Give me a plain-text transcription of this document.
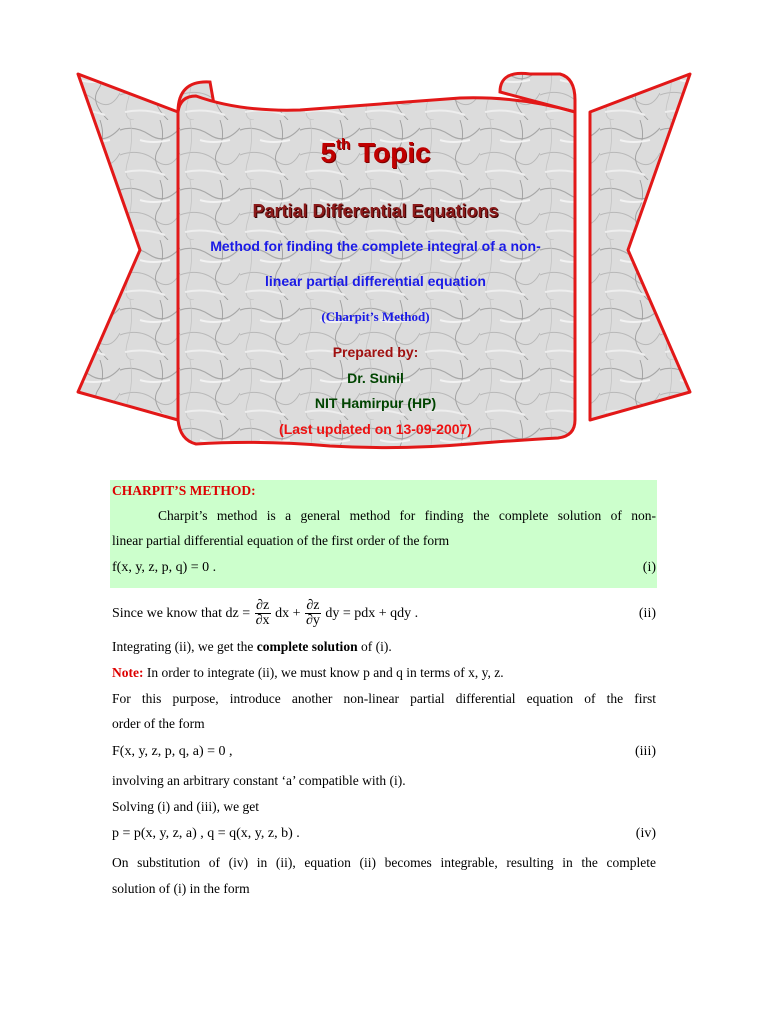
5th Topic
Partial Differential Equations
Method for finding the complete integral of a non-
linear partial differential equation
(Charpit’s Method)
Prepared by:
Dr. Sunil
NIT Hamirpur (HP)
(Last updated on 13-09-2007)
CHARPIT’S METHOD:
Charpit’s method is a general method for finding the complete solution of non-
linear partial differential equation of the first order of the form
f(x, y, z, p, q) = 0 .	(i)
Since we know that dz = $\frac{\partial z}{\partial x}$ dx + $\frac{\partial z}{\partial y}$ dy = pdx + qdy .	(ii)
Integrating (ii), we get the complete solution of (i).
Note: In order to integrate (ii), we must know p and q in terms of x, y, z.
For this purpose, introduce another non-linear partial differential equation of the first
order of the form
F(x, y, z, p, q, a) = 0 ,	(iii)
involving an arbitrary constant ‘a’ compatible with (i).
Solving (i) and (iii), we get
p = p(x, y, z, a) , q = q(x, y, z, b) .	(iv)
On substitution of (iv) in (ii), equation (ii) becomes integrable, resulting in the complete
solution of (i) in the form
